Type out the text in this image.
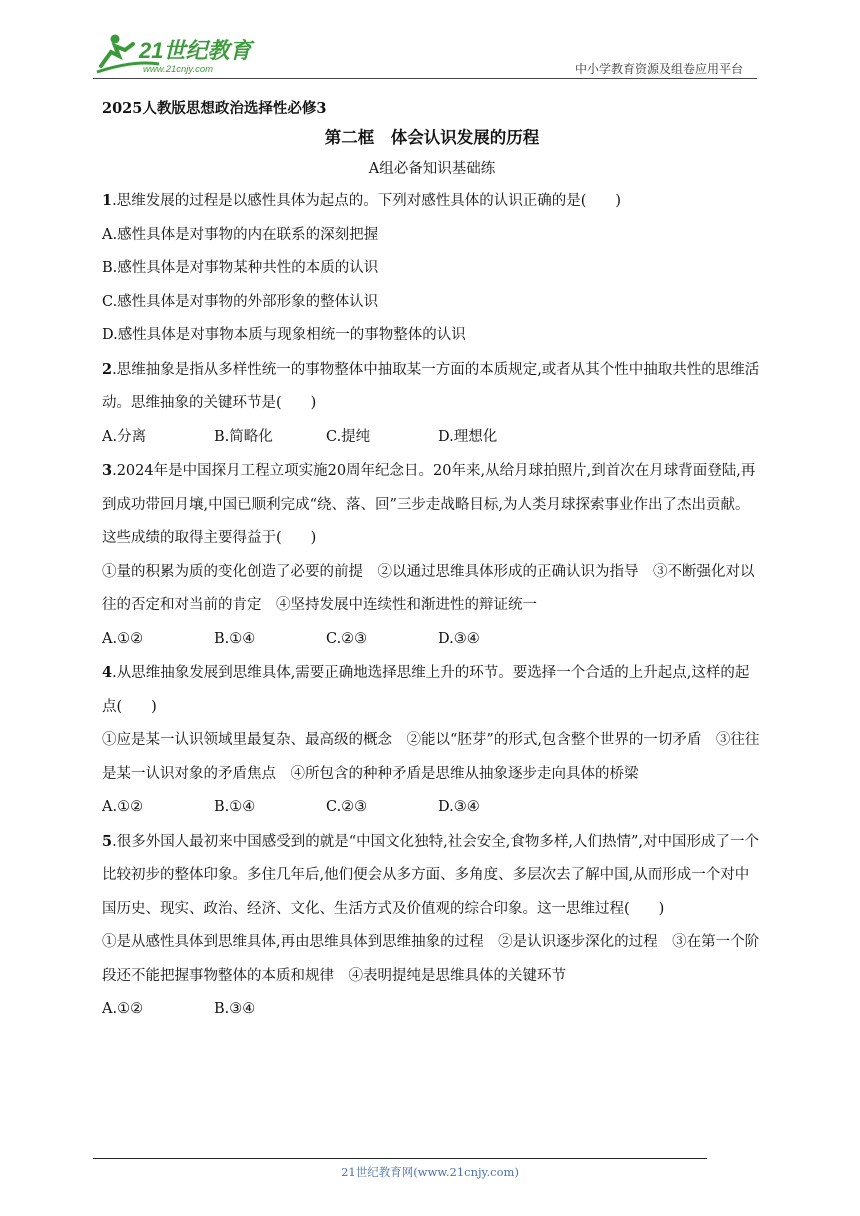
21世纪教育
www.21cnjy.com	中小学教育资源及组卷应用平台

2025人教版思想政治选择性必修3

第二框　体会认识发展的历程

A组必备知识基础练

1.思维发展的过程是以感性具体为起点的。下列对感性具体的认识正确的是(　　)

A.感性具体是对事物的内在联系的深刻把握

B.感性具体是对事物某种共性的本质的认识

C.感性具体是对事物的外部形象的整体认识

D.感性具体是对事物本质与现象相统一的事物整体的认识

2.思维抽象是指从多样性统一的事物整体中抽取某一方面的本质规定,或者从其个性中抽取共性的思维活动。思维抽象的关键环节是(　　)

A.分离	B.简略化	C.提纯	D.理想化

3.2024年是中国探月工程立项实施20周年纪念日。20年来,从给月球拍照片,到首次在月球背面登陆,再到成功带回月壤,中国已顺利完成“绕、落、回”三步走战略目标,为人类月球探索事业作出了杰出贡献。这些成绩的取得主要得益于(　　)

①量的积累为质的变化创造了必要的前提　②以通过思维具体形成的正确认识为指导　③不断强化对以往的否定和对当前的肯定　④坚持发展中连续性和渐进性的辩证统一

A.①②	B.①④	C.②③	D.③④

4.从思维抽象发展到思维具体,需要正确地选择思维上升的环节。要选择一个合适的上升起点,这样的起点(　　)

①应是某一认识领域里最复杂、最高级的概念　②能以“胚芽”的形式,包含整个世界的一切矛盾　③往往是某一认识对象的矛盾焦点　④所包含的种种矛盾是思维从抽象逐步走向具体的桥梁

A.①②	B.①④	C.②③	D.③④

5.很多外国人最初来中国感受到的就是“中国文化独特,社会安全,食物多样,人们热情”,对中国形成了一个比较初步的整体印象。多住几年后,他们便会从多方面、多角度、多层次去了解中国,从而形成一个对中国历史、现实、政治、经济、文化、生活方式及价值观的综合印象。这一思维过程(　　)

①是从感性具体到思维具体,再由思维具体到思维抽象的过程　②是认识逐步深化的过程　③在第一个阶段还不能把握事物整体的本质和规律　④表明提纯是思维具体的关键环节

A.①②	B.③④
21世纪教育网(www.21cnjy.com)
